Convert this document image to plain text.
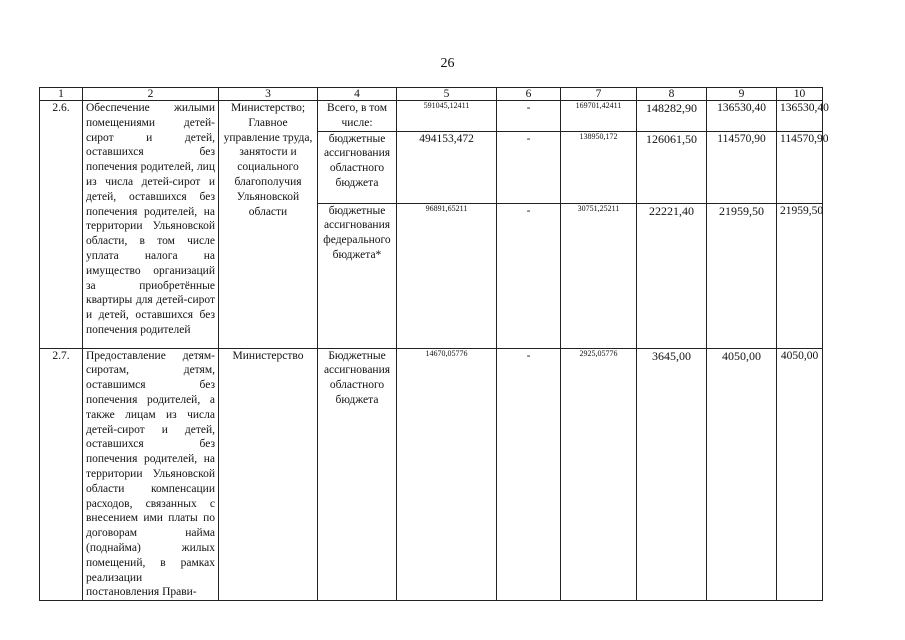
26
1	2	3	4	5	6	7	8	9	10
2.6.	Обеспечение жилыми помещениями детей-сирот и детей, оставшихся без попечения родителей, лиц из числа детей-сирот и детей, оставшихся без попечения родителей, на территории Ульяновской области, в том числе уплата налога на имущество организаций за приобретённые квартиры для детей-сирот и детей, оставшихся без попечения родителей	Министерство; Главное управление труда, занятости и социального благополучия Ульяновской области	Всего, в том числе:	591045,12411	-	169701,42411	148282,90	136530,40	136530,40
			бюджетные ассигнования областного бюджета	494153,472	-	138950,172	126061,50	114570,90	114570,90
			бюджетные ассигнования федерального бюджета*	96891,65211	-	30751,25211	22221,40	21959,50	21959,50
2.7.	Предоставление детям-сиротам, детям, оставшимся без попечения родителей, а также лицам из числа детей-сирот и детей, оставшихся без попечения родителей, на территории Ульяновской области компенсации расходов, связанных с внесением ими платы по договорам найма (поднайма) жилых помещений, в рамках реализации постановления Прави-	Министерство	Бюджетные ассигнования областного бюджета	14670,05776	-	2925,05776	3645,00	4050,00	4050,00
